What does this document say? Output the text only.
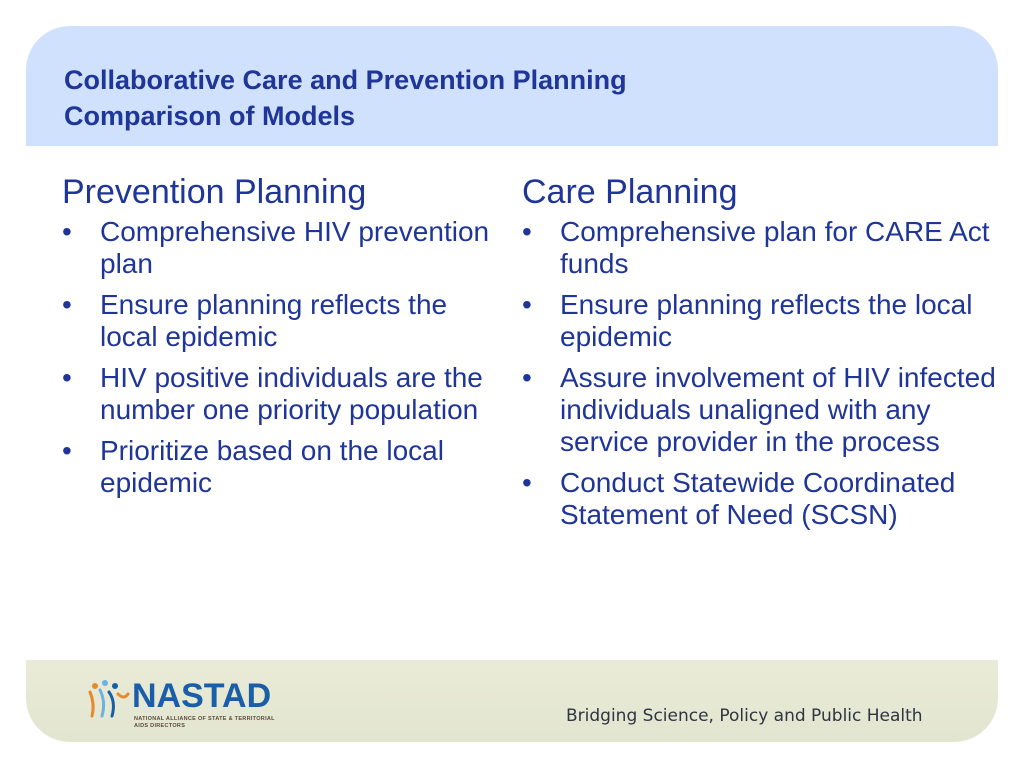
Collaborative Care and Prevention Planning
Comparison of Models
Prevention Planning
•	Comprehensive HIV prevention plan
•	Ensure planning reflects the local epidemic
•	HIV positive individuals are the number one priority population
•	Prioritize based on the local epidemic
Care Planning
•	Comprehensive plan for CARE Act funds
•	Ensure planning reflects the local epidemic
•	Assure involvement of HIV infected individuals unaligned with any service provider in the process
•	Conduct Statewide Coordinated Statement of Need (SCSN)

NASTAD

NATIONAL ALLIANCE OF STATE & TERRITORIAL AIDS DIRECTORS	Bridging Science, Policy and Public Health
